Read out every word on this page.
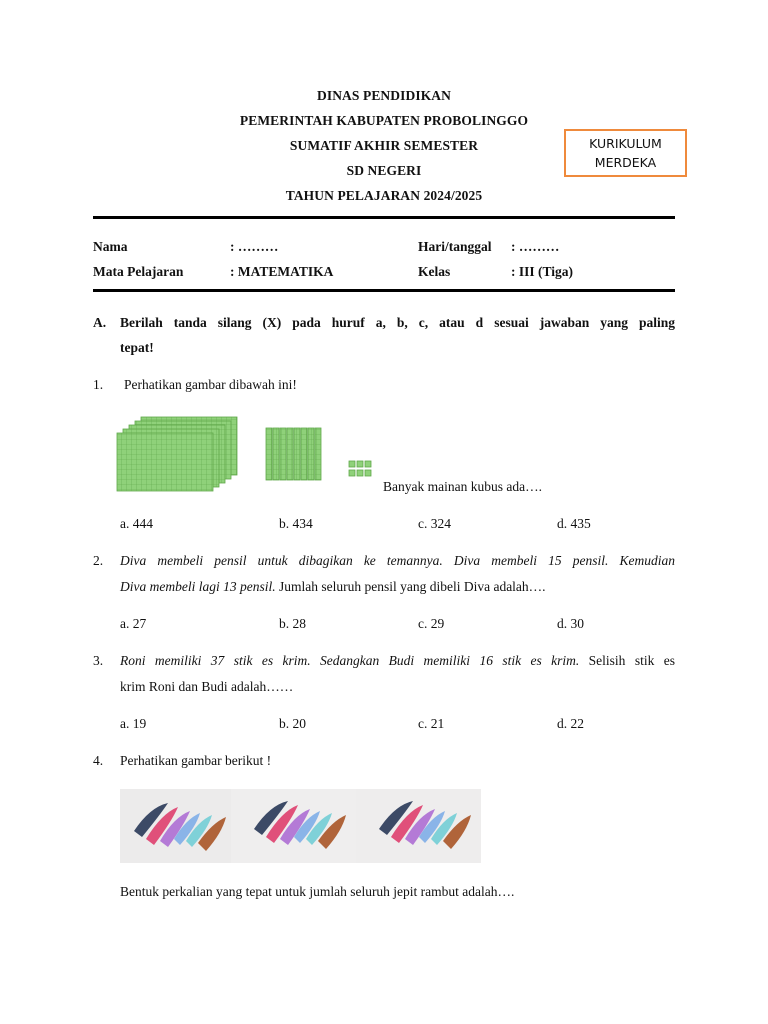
DINAS PENDIDIKAN
PEMERINTAH KABUPATEN PROBOLINGGO
SUMATIF AKHIR SEMESTER
SD NEGERI
TAHUN PELAJARAN 2024/2025
KURIKULUM
MERDEKA
Nama	: ………	Hari/tanggal : ………
Mata Pelajaran	: MATEMATIKA	Kelas	: III (Tiga)
A. Berilah tanda silang (X) pada huruf a, b, c, atau d sesuai jawaban yang paling
tepat!
1. Perhatikan gambar dibawah ini!
Banyak mainan kubus ada….
a. 444	b. 434	c. 324	d. 435
2. Diva membeli pensil untuk dibagikan ke temannya. Diva membeli 15 pensil. Kemudian
Diva membeli lagi 13 pensil. Jumlah seluruh pensil yang dibeli Diva adalah….
a. 27	b. 28	c. 29	d. 30
3. Roni memiliki 37 stik es krim. Sedangkan Budi memiliki 16 stik es krim. Selisih stik es
krim Roni dan Budi adalah……
a. 19	b. 20	c. 21	d. 22
4. Perhatikan gambar berikut !
Bentuk perkalian yang tepat untuk jumlah seluruh jepit rambut adalah….
